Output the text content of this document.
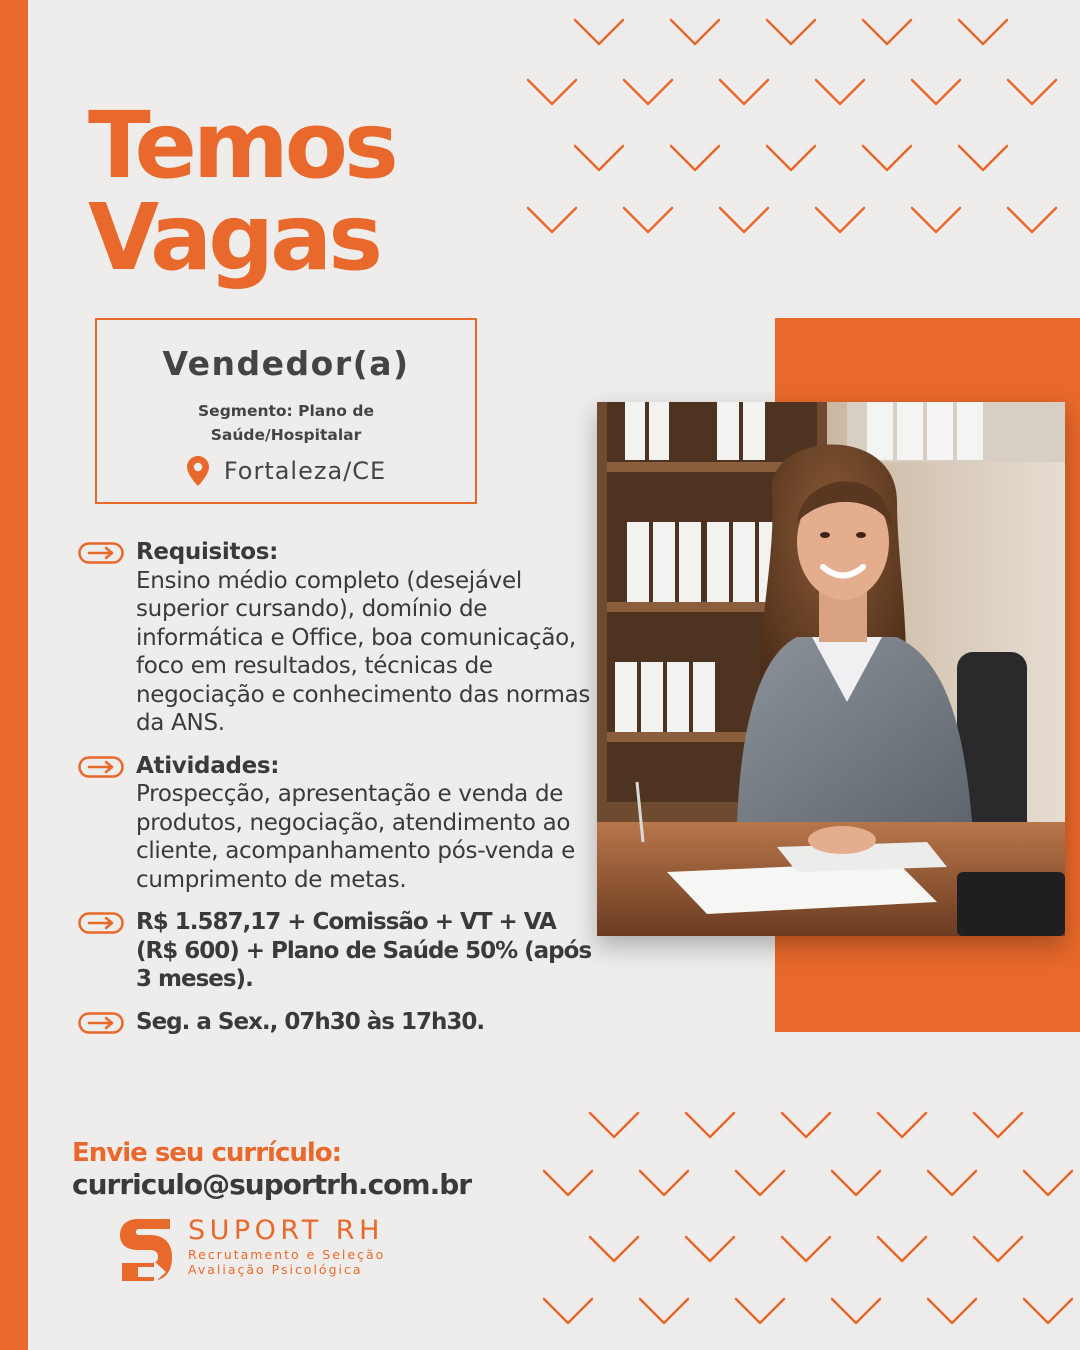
Temos
Vagas
Vendedor(a)
Segmento: Plano de Saúde/Hospitalar
Fortaleza/CE
Requisitos:
Ensino médio completo (desejável superior cursando), domínio de informática e Office, boa comunicação, foco em resultados, técnicas de negociação e conhecimento das normas da ANS.
Atividades:
Prospecção, apresentação e venda de produtos, negociação, atendimento ao cliente, acompanhamento pós-venda e cumprimento de metas.
R$ 1.587,17 + Comissão + VT + VA (R$ 600) + Plano de Saúde 50% (após 3 meses).
Seg. a Sex., 07h30 às 17h30.

Envie seu currículo:

curriculo@suportrh.com.br

SUPORT RH
Recrutamento e Seleção
Avaliação Psicológica
